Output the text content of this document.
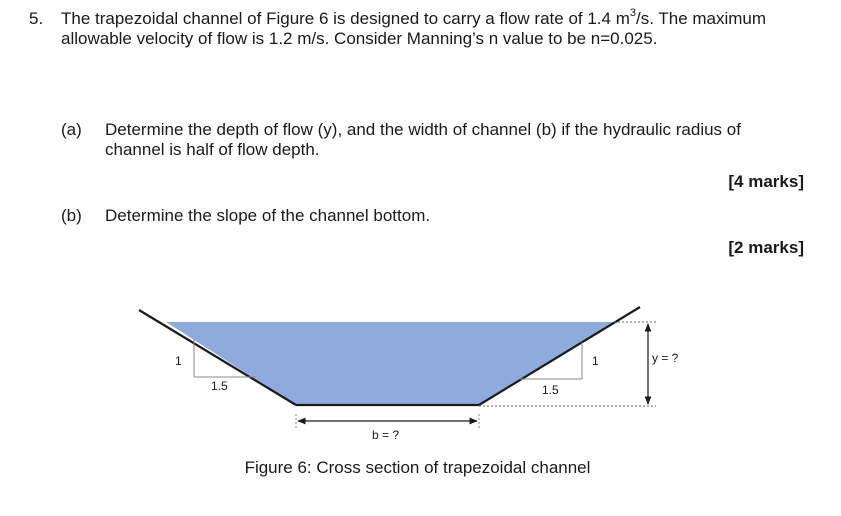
5. The trapezoidal channel of Figure 6 is designed to carry a flow rate of 1.4 $m^3/s$. The maximum allowable velocity of flow is 1.2 m/s. Consider Manning’s n value to be n=0.025.
(a) Determine the depth of flow (y), and the width of channel (b) if the hydraulic radius of channel is half of flow depth.
[4 marks]
(b) Determine the slope of the channel bottom.
[2 marks]
1
1.5
1
1.5
y = ?
b = ?
Figure 6: Cross section of trapezoidal channel
